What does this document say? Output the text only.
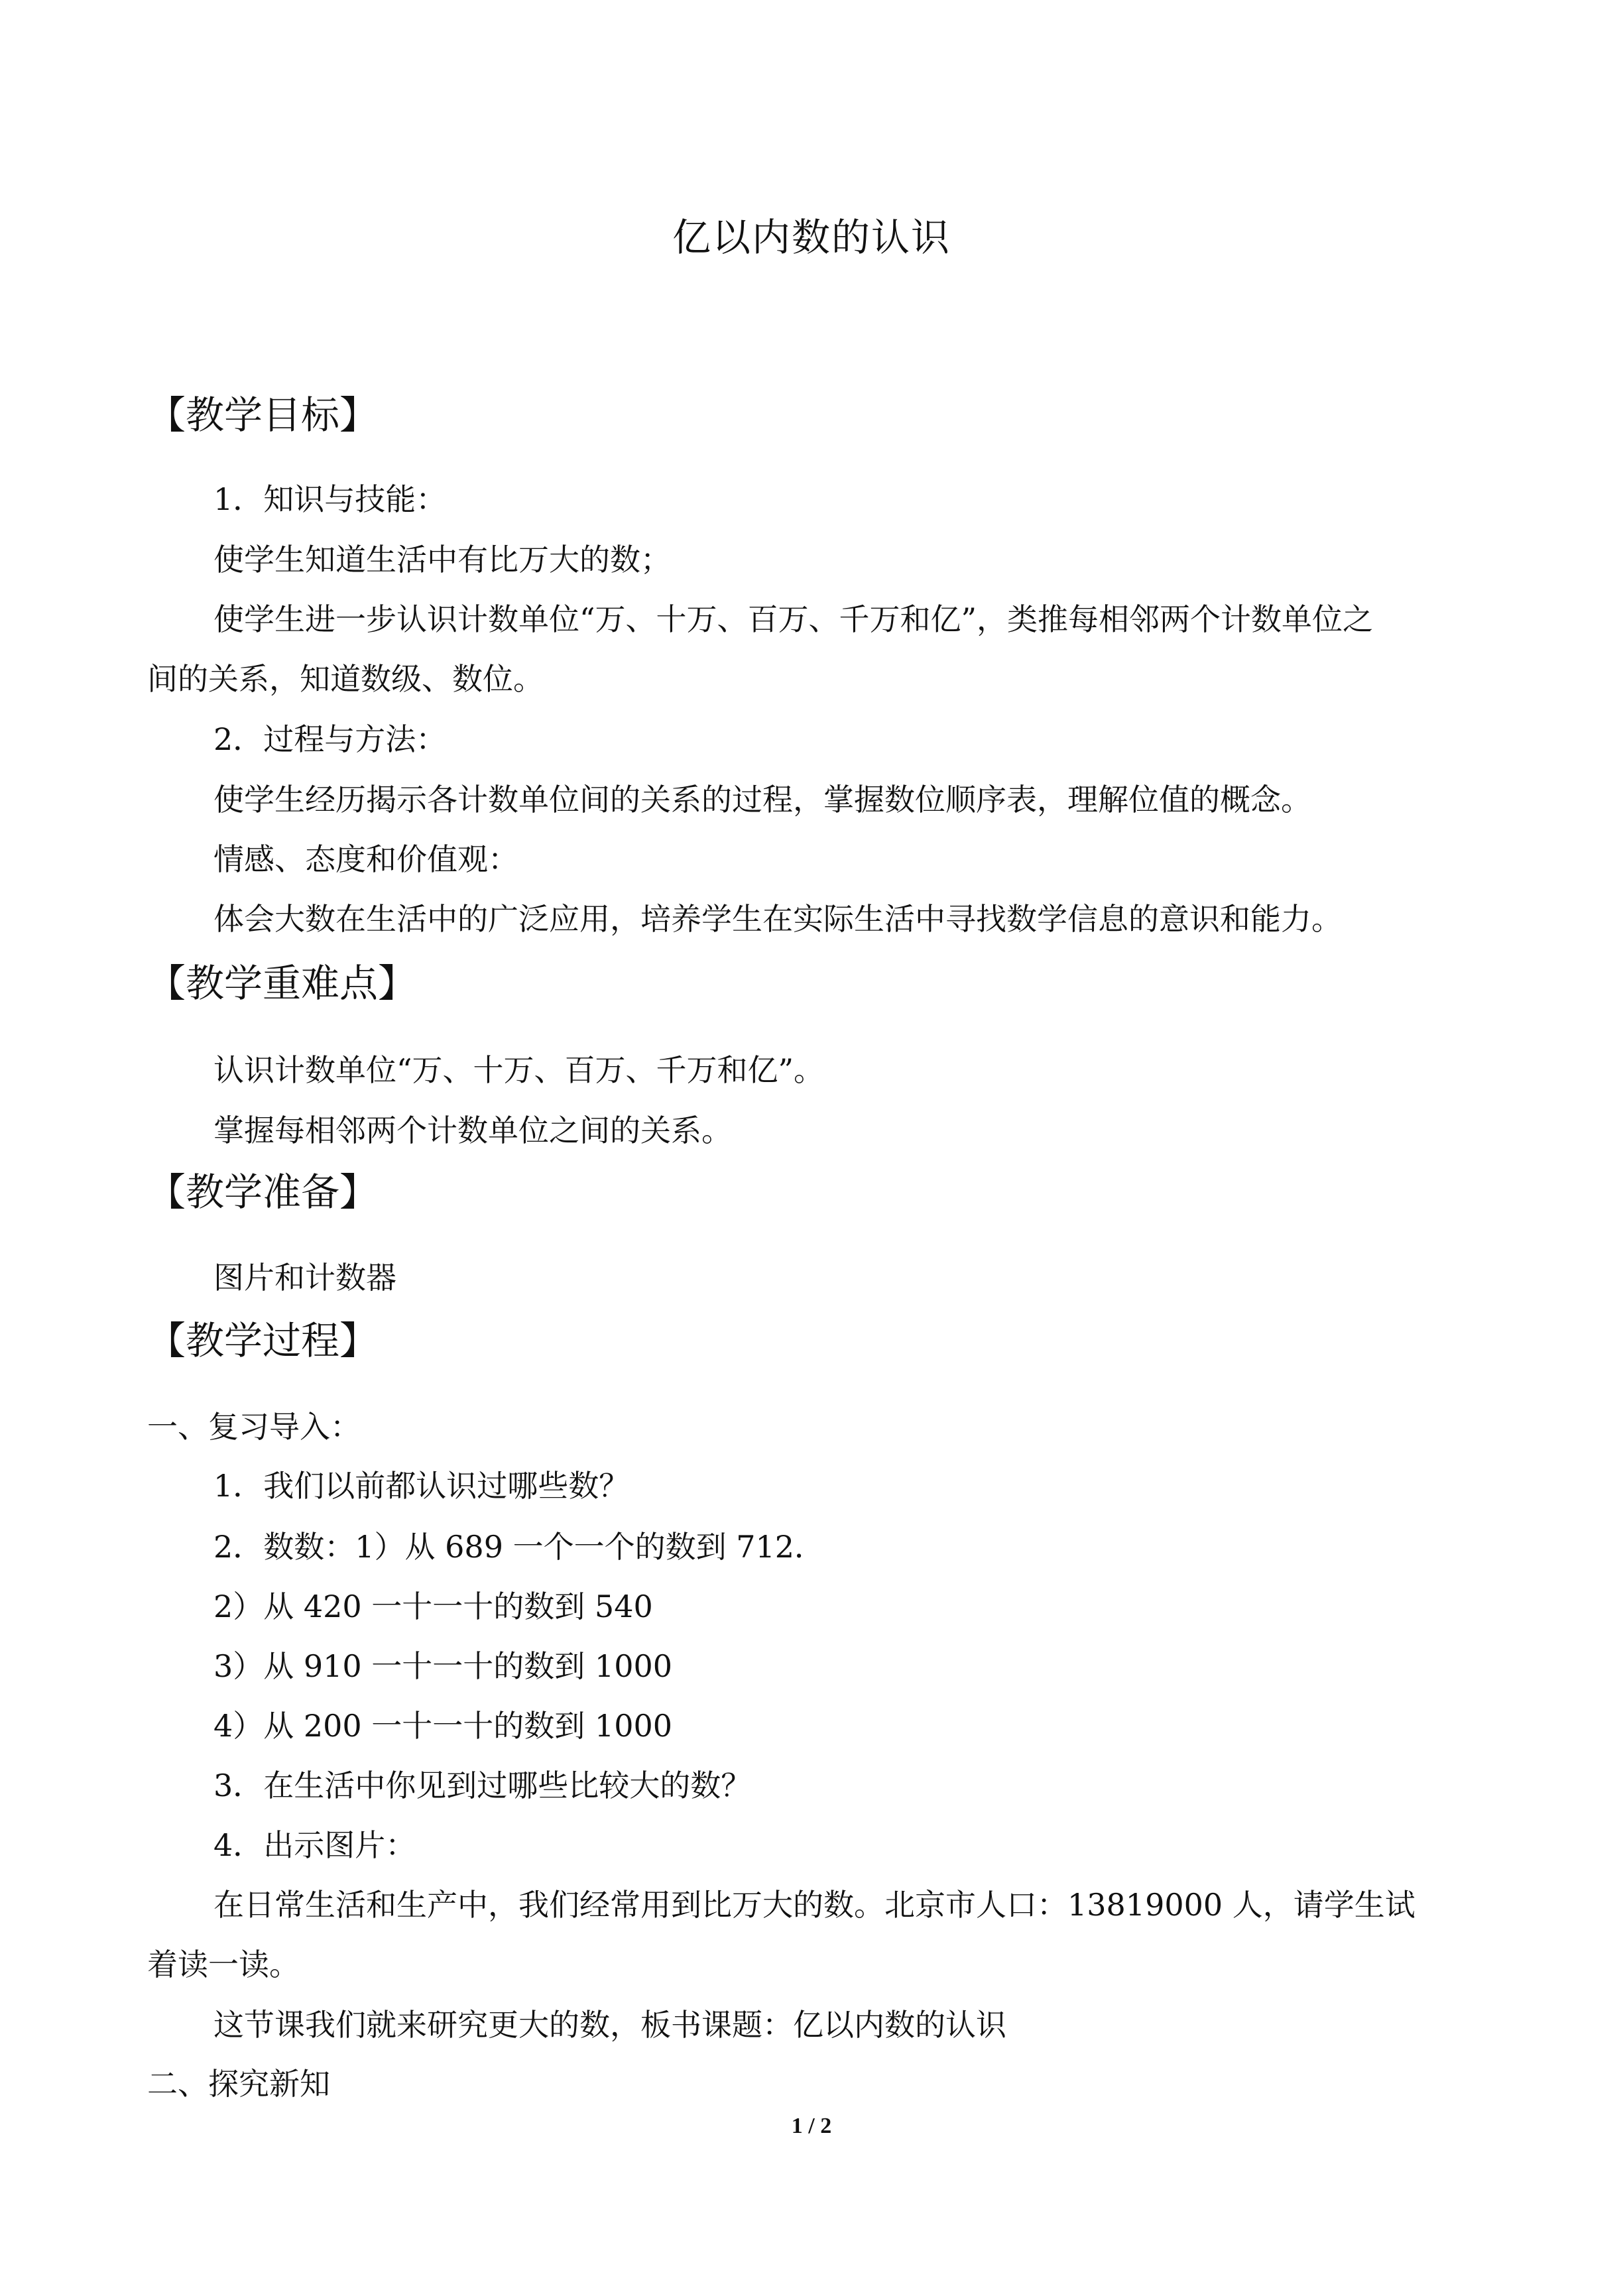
亿以内数的认识
【教学目标】
1．知识与技能：
使学生知道生活中有比万大的数；
使学生进一步认识计数单位“万、十万、百万、千万和亿”，类推每相邻两个计数单位之
间的关系，知道数级、数位。
2．过程与方法：
使学生经历揭示各计数单位间的关系的过程，掌握数位顺序表，理解位值的概念。
情感、态度和价值观：
体会大数在生活中的广泛应用，培养学生在实际生活中寻找数学信息的意识和能力。
【教学重难点】
认识计数单位“万、十万、百万、千万和亿”。
掌握每相邻两个计数单位之间的关系。
【教学准备】
图片和计数器
【教学过程】
一、复习导入：
1．我们以前都认识过哪些数？
2．数数：1）从 689 一个一个的数到 712．
2）从 420 一十一十的数到 540
3）从 910 一十一十的数到 1000
4）从 200 一十一十的数到 1000
3．在生活中你见到过哪些比较大的数？
4．出示图片：
在日常生活和生产中，我们经常用到比万大的数。北京市人口：13819000 人，请学生试
着读一读。
这节课我们就来研究更大的数，板书课题：亿以内数的认识
二、探究新知
1 / 2
